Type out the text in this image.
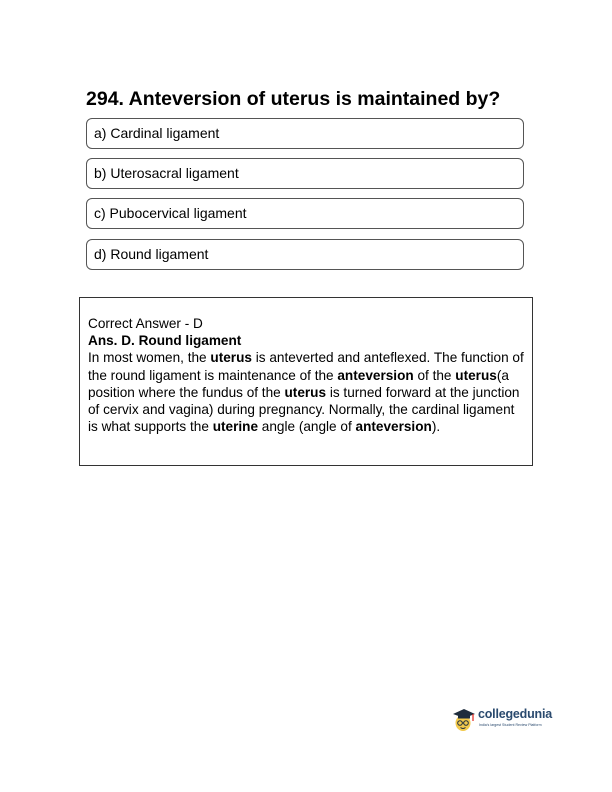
294. Anteversion of uterus is maintained by?
a) Cardinal ligament
b) Uterosacral ligament
c) Pubocervical ligament
d) Round ligament

Correct Answer - D

Ans. D. Round ligament

In most women, the uterus is anteverted and anteflexed. The function of the round ligament is maintenance of the anteversion of the uterus(a position where the fundus of the uterus is turned forward at the junction of cervix and vagina) during pregnancy. Normally, the cardinal ligament is what supports the uterine angle (angle of anteversion).

collegedunia
India's largest Student Review Platform
